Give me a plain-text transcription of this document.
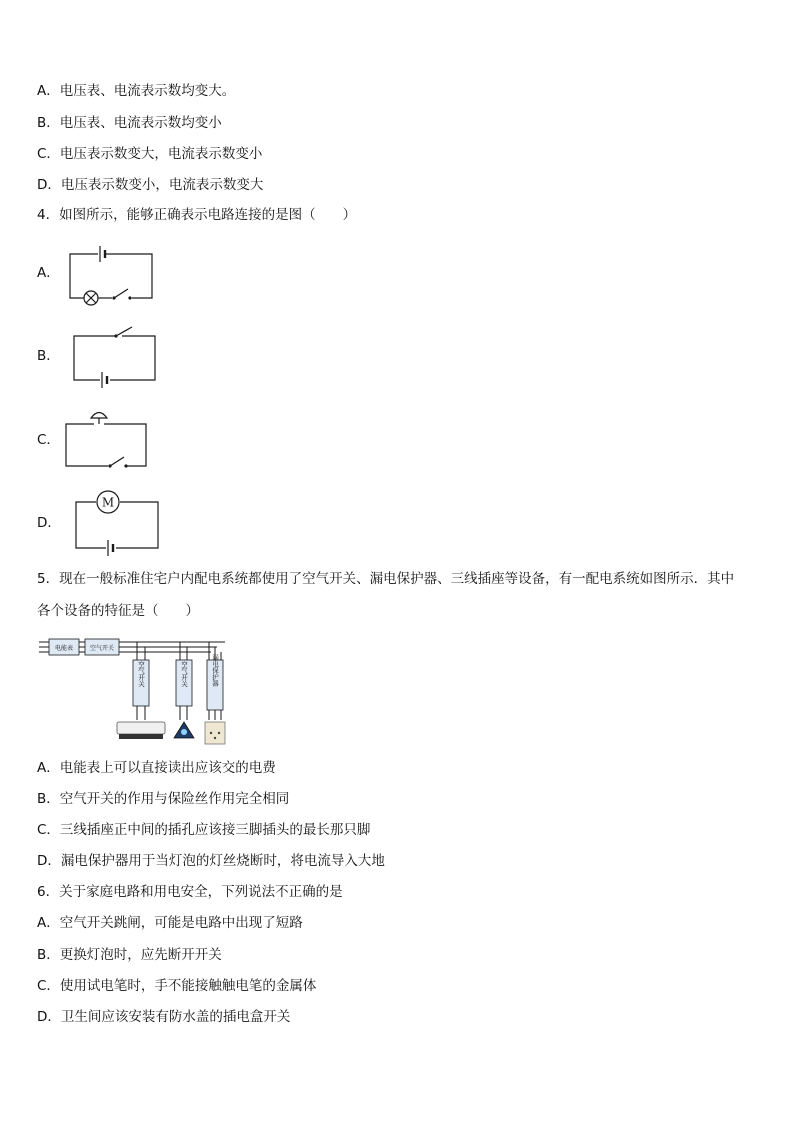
A．电压表、电流表示数均变大。
B．电压表、电流表示数均变小
C．电压表示数变大，电流表示数变小
D．电压表示数变小，电流表示数变大
4．如图所示，能够正确表示电路连接的是图（　　）
A．
B．
C．
D．
M
5．现在一般标准住宅户内配电系统都使用了空气开关、漏电保护器、三线插座等设备，有一配电系统如图所示．其中
各个设备的特征是（　　）
电能表	空气开关
空气开关	空气开关	漏电保护器
A．电能表上可以直接读出应该交的电费
B．空气开关的作用与保险丝作用完全相同
C．三线插座正中间的插孔应该接三脚插头的最长那只脚
D．漏电保护器用于当灯泡的灯丝烧断时，将电流导入大地
6．关于家庭电路和用电安全，下列说法不正确的是
A．空气开关跳闸，可能是电路中出现了短路
B．更换灯泡时，应先断开开关
C．使用试电笔时，手不能接触触电笔的金属体
D．卫生间应该安装有防水盖的插电盒开关
